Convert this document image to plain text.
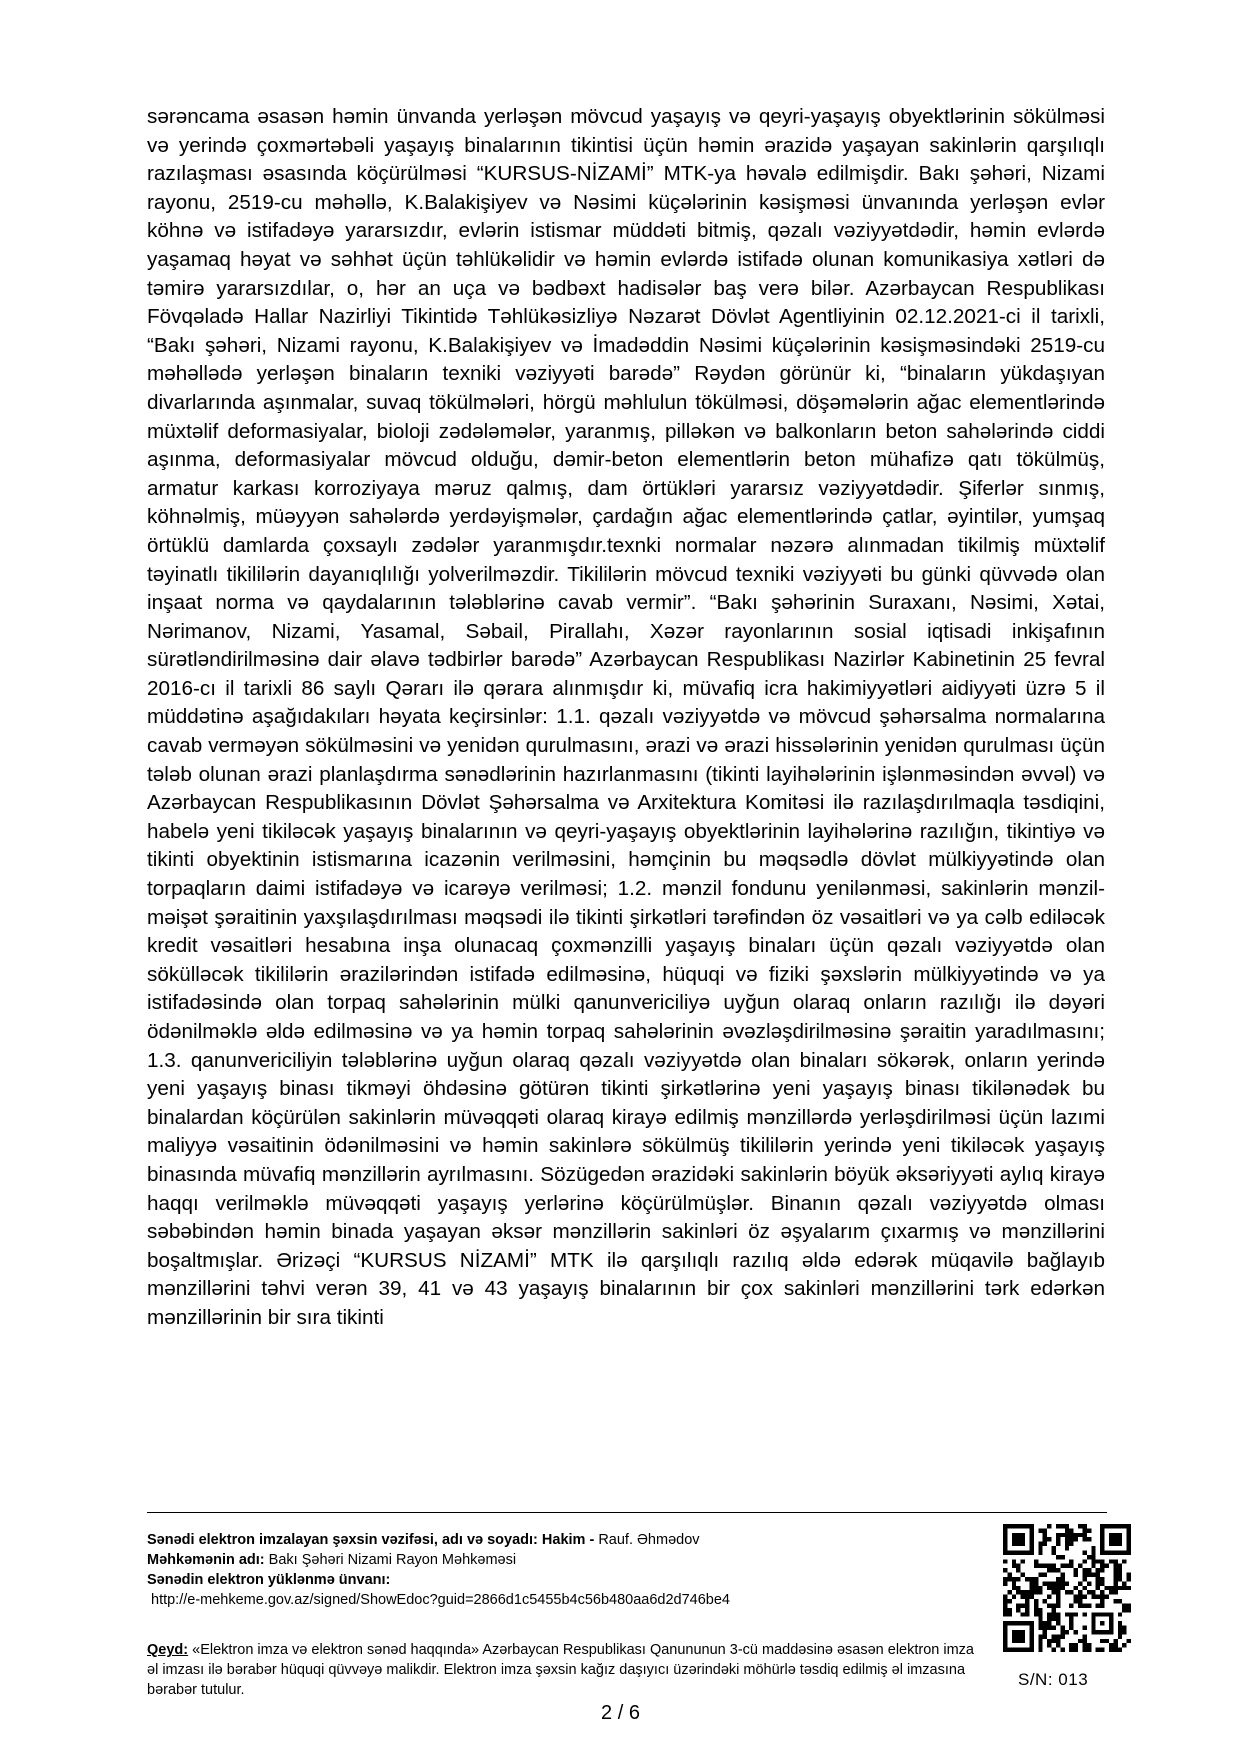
sərəncama əsasən həmin ünvanda yerləşən mövcud yaşayış və qeyri-yaşayış obyektlərinin sökülməsi və yerində çoxmərtəbəli yaşayış binalarının tikintisi üçün həmin ərazidə yaşayan sakinlərin qarşılıqlı razılaşması əsasında köçürülməsi “KURSUS-NİZAMİ” MTK-ya həvalə edilmişdir. Bakı şəhəri, Nizami rayonu, 2519-cu məhəllə, K.Balakişiyev və Nəsimi küçələrinin kəsişməsi ünvanında yerləşən evlər köhnə və istifadəyə yararsızdır, evlərin istismar müddəti bitmiş, qəzalı vəziyyətdədir, həmin evlərdə yaşamaq həyat və səhhət üçün təhlükəlidir və həmin evlərdə istifadə olunan komunikasiya xətləri də təmirə yararsızdılar, o, hər an uça və bədbəxt hadisələr baş verə bilər. Azərbaycan Respublikası Fövqəladə Hallar Nazirliyi Tikintidə Təhlükəsizliyə Nəzarət Dövlət Agentliyinin 02.12.2021-ci il tarixli, “Bakı şəhəri, Nizami rayonu, K.Balakişiyev və İmadəddin Nəsimi küçələrinin kəsişməsindəki 2519-cu məhəllədə yerləşən binaların texniki vəziyyəti barədə” Rəydən görünür ki, “binaların yükdaşıyan divarlarında aşınmalar, suvaq tökülmələri, hörgü məhlulun tökülməsi, döşəmələrin ağac elementlərində müxtəlif deformasiyalar, bioloji zədələmələr, yaranmış, pilləkən və balkonların beton sahələrində ciddi aşınma, deformasiyalar mövcud olduğu, dəmir-beton elementlərin beton mühafizə qatı tökülmüş, armatur karkası korroziyaya məruz qalmış, dam örtükləri yararsız vəziyyətdədir. Şiferlər sınmış, köhnəlmiş, müəyyən sahələrdə yerdəyişmələr, çardağın ağac elementlərində çatlar, əyintilər, yumşaq örtüklü damlarda çoxsaylı zədələr yaranmışdır.texnki normalar nəzərə alınmadan tikilmiş müxtəlif təyinatlı tikililərin dayanıqlılığı yolverilməzdir. Tikililərin mövcud texniki vəziyyəti bu günki qüvvədə olan inşaat norma və qaydalarının tələblərinə cavab vermir”. “Bakı şəhərinin Suraxanı, Nəsimi, Xətai, Nərimanov, Nizami, Yasamal, Səbail, Pirallahı, Xəzər rayonlarının sosial iqtisadi inkişafının sürətləndirilməsinə dair əlavə tədbirlər barədə” Azərbaycan Respublikası Nazirlər Kabinetinin 25 fevral 2016-cı il tarixli 86 saylı Qərarı ilə qərara alınmışdır ki, müvafiq icra hakimiyyətləri aidiyyəti üzrə 5 il müddətinə aşağıdakıları həyata keçirsinlər: 1.1. qəzalı vəziyyətdə və mövcud şəhərsalma normalarına cavab verməyən sökülməsini və yenidən qurulmasını, ərazi və ərazi hissələrinin yenidən qurulması üçün tələb olunan ərazi planlaşdırma sənədlərinin hazırlanmasını (tikinti layihələrinin işlənməsindən əvvəl) və Azərbaycan Respublikasının Dövlət Şəhərsalma və Arxitektura Komitəsi ilə razılaşdırılmaqla təsdiqini, habelə yeni tikiləcək yaşayış binalarının və qeyri-yaşayış obyektlərinin layihələrinə razılığın, tikintiyə və tikinti obyektinin istismarına icazənin verilməsini, həmçinin bu məqsədlə dövlət mülkiyyətində olan torpaqların daimi istifadəyə və icarəyə verilməsi; 1.2. mənzil fondunu yenilənməsi, sakinlərin mənzil-məişət şəraitinin yaxşılaşdırılması məqsədi ilə tikinti şirkətləri tərəfindən öz vəsaitləri və ya cəlb ediləcək kredit vəsaitləri hesabına inşa olunacaq çoxmənzilli yaşayış binaları üçün qəzalı vəziyyətdə olan sökülləcək tikililərin ərazilərindən istifadə edilməsinə, hüquqi və fiziki şəxslərin mülkiyyətində və ya istifadəsində olan torpaq sahələrinin mülki qanunvericiliyə uyğun olaraq onların razılığı ilə dəyəri ödənilməklə əldə edilməsinə və ya həmin torpaq sahələrinin əvəzləşdirilməsinə şəraitin yaradılmasını; 1.3. qanunvericiliyin tələblərinə uyğun olaraq qəzalı vəziyyətdə olan binaları sökərək, onların yerində yeni yaşayış binası tikməyi öhdəsinə götürən tikinti şirkətlərinə yeni yaşayış binası tikilənədək bu binalardan köçürülən sakinlərin müvəqqəti olaraq kirayə edilmiş mənzillərdə yerləşdirilməsi üçün lazımi maliyyə vəsaitinin ödənilməsini və həmin sakinlərə sökülmüş tikililərin yerində yeni tikiləcək yaşayış binasında müvafiq mənzillərin ayrılmasını. Sözügedən ərazidəki sakinlərin böyük əksəriyyəti aylıq kirayə haqqı verilməklə müvəqqəti yaşayış yerlərinə köçürülmüşlər. Binanın qəzalı vəziyyətdə olması səbəbindən həmin binada yaşayan əksər mənzillərin sakinləri öz əşyalarım çıxarmış və mənzillərini boşaltmışlar. Ərizəçi “KURSUS NİZAMİ” MTK ilə qarşılıqlı razılıq əldə edərək müqavilə bağlayıb mənzillərini təhvi verən 39, 41 və 43 yaşayış binalarının bir çox sakinləri mənzillərini tərk edərkən mənzillərinin bir sıra tikinti

Sənədi elektron imzalayan şəxsin vəzifəsi, adı və soyadı: Hakim - Rauf. Əhmədov
Məhkəmənin adı: Bakı Şəhəri Nizami Rayon Məhkəməsi
Sənədin elektron yüklənmə ünvanı:
http://e-mehkeme.gov.az/signed/ShowEdoc?guid=2866d1c5455b4c56b480aa6d2d746be4
Qeyd: «Elektron imza və elektron sənəd haqqında» Azərbaycan Respublikası Qanununun 3-cü maddəsinə əsasən elektron imza əl imzası ilə bərabər hüquqi qüvvəyə malikdir. Elektron imza şəxsin kağız daşıyıcı üzərindəki möhürlə təsdiq edilmiş əl imzasına bərabər tutulur.
S/N: 013
2 / 6
